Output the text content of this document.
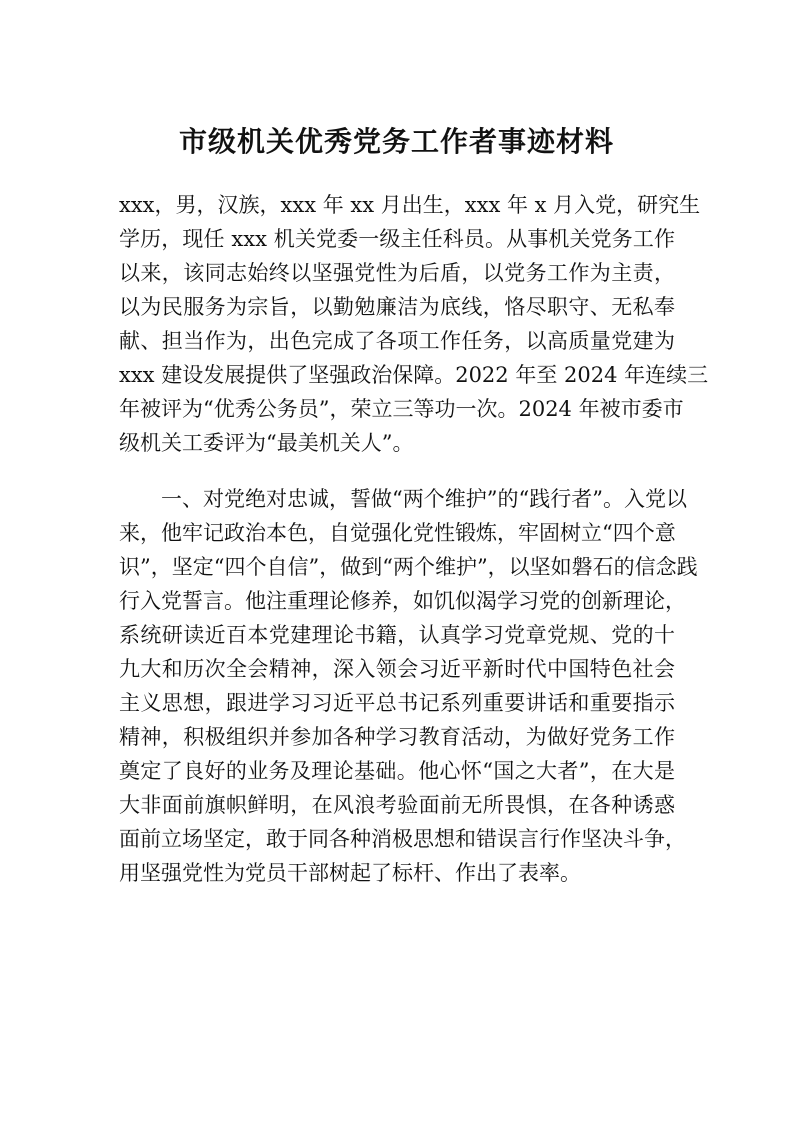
市级机关优秀党务工作者事迹材料

xxx，男，汉族，xxx 年 xx 月出生，xxx 年 x 月入党，研究生

学历，现任 xxx 机关党委一级主任科员。从事机关党务工作

以来，该同志始终以坚强党性为后盾，以党务工作为主责，

以为民服务为宗旨，以勤勉廉洁为底线，恪尽职守、无私奉

献、担当作为，出色完成了各项工作任务，以高质量党建为

xxx 建设发展提供了坚强政治保障。2022 年至 2024 年连续三

年被评为“优秀公务员”，荣立三等功一次。2024 年被市委市

级机关工委评为“最美机关人”。

　　一、对党绝对忠诚，誓做“两个维护”的“践行者”。入党以

来，他牢记政治本色，自觉强化党性锻炼，牢固树立“四个意

识”，坚定“四个自信”，做到“两个维护”，以坚如磐石的信念践

行入党誓言。他注重理论修养，如饥似渴学习党的创新理论，

系统研读近百本党建理论书籍，认真学习党章党规、党的十

九大和历次全会精神，深入领会习近平新时代中国特色社会

主义思想，跟进学习习近平总书记系列重要讲话和重要指示

精神，积极组织并参加各种学习教育活动，为做好党务工作

奠定了良好的业务及理论基础。他心怀“国之大者”，在大是

大非面前旗帜鲜明，在风浪考验面前无所畏惧，在各种诱惑

面前立场坚定，敢于同各种消极思想和错误言行作坚决斗争，

用坚强党性为党员干部树起了标杆、作出了表率。
